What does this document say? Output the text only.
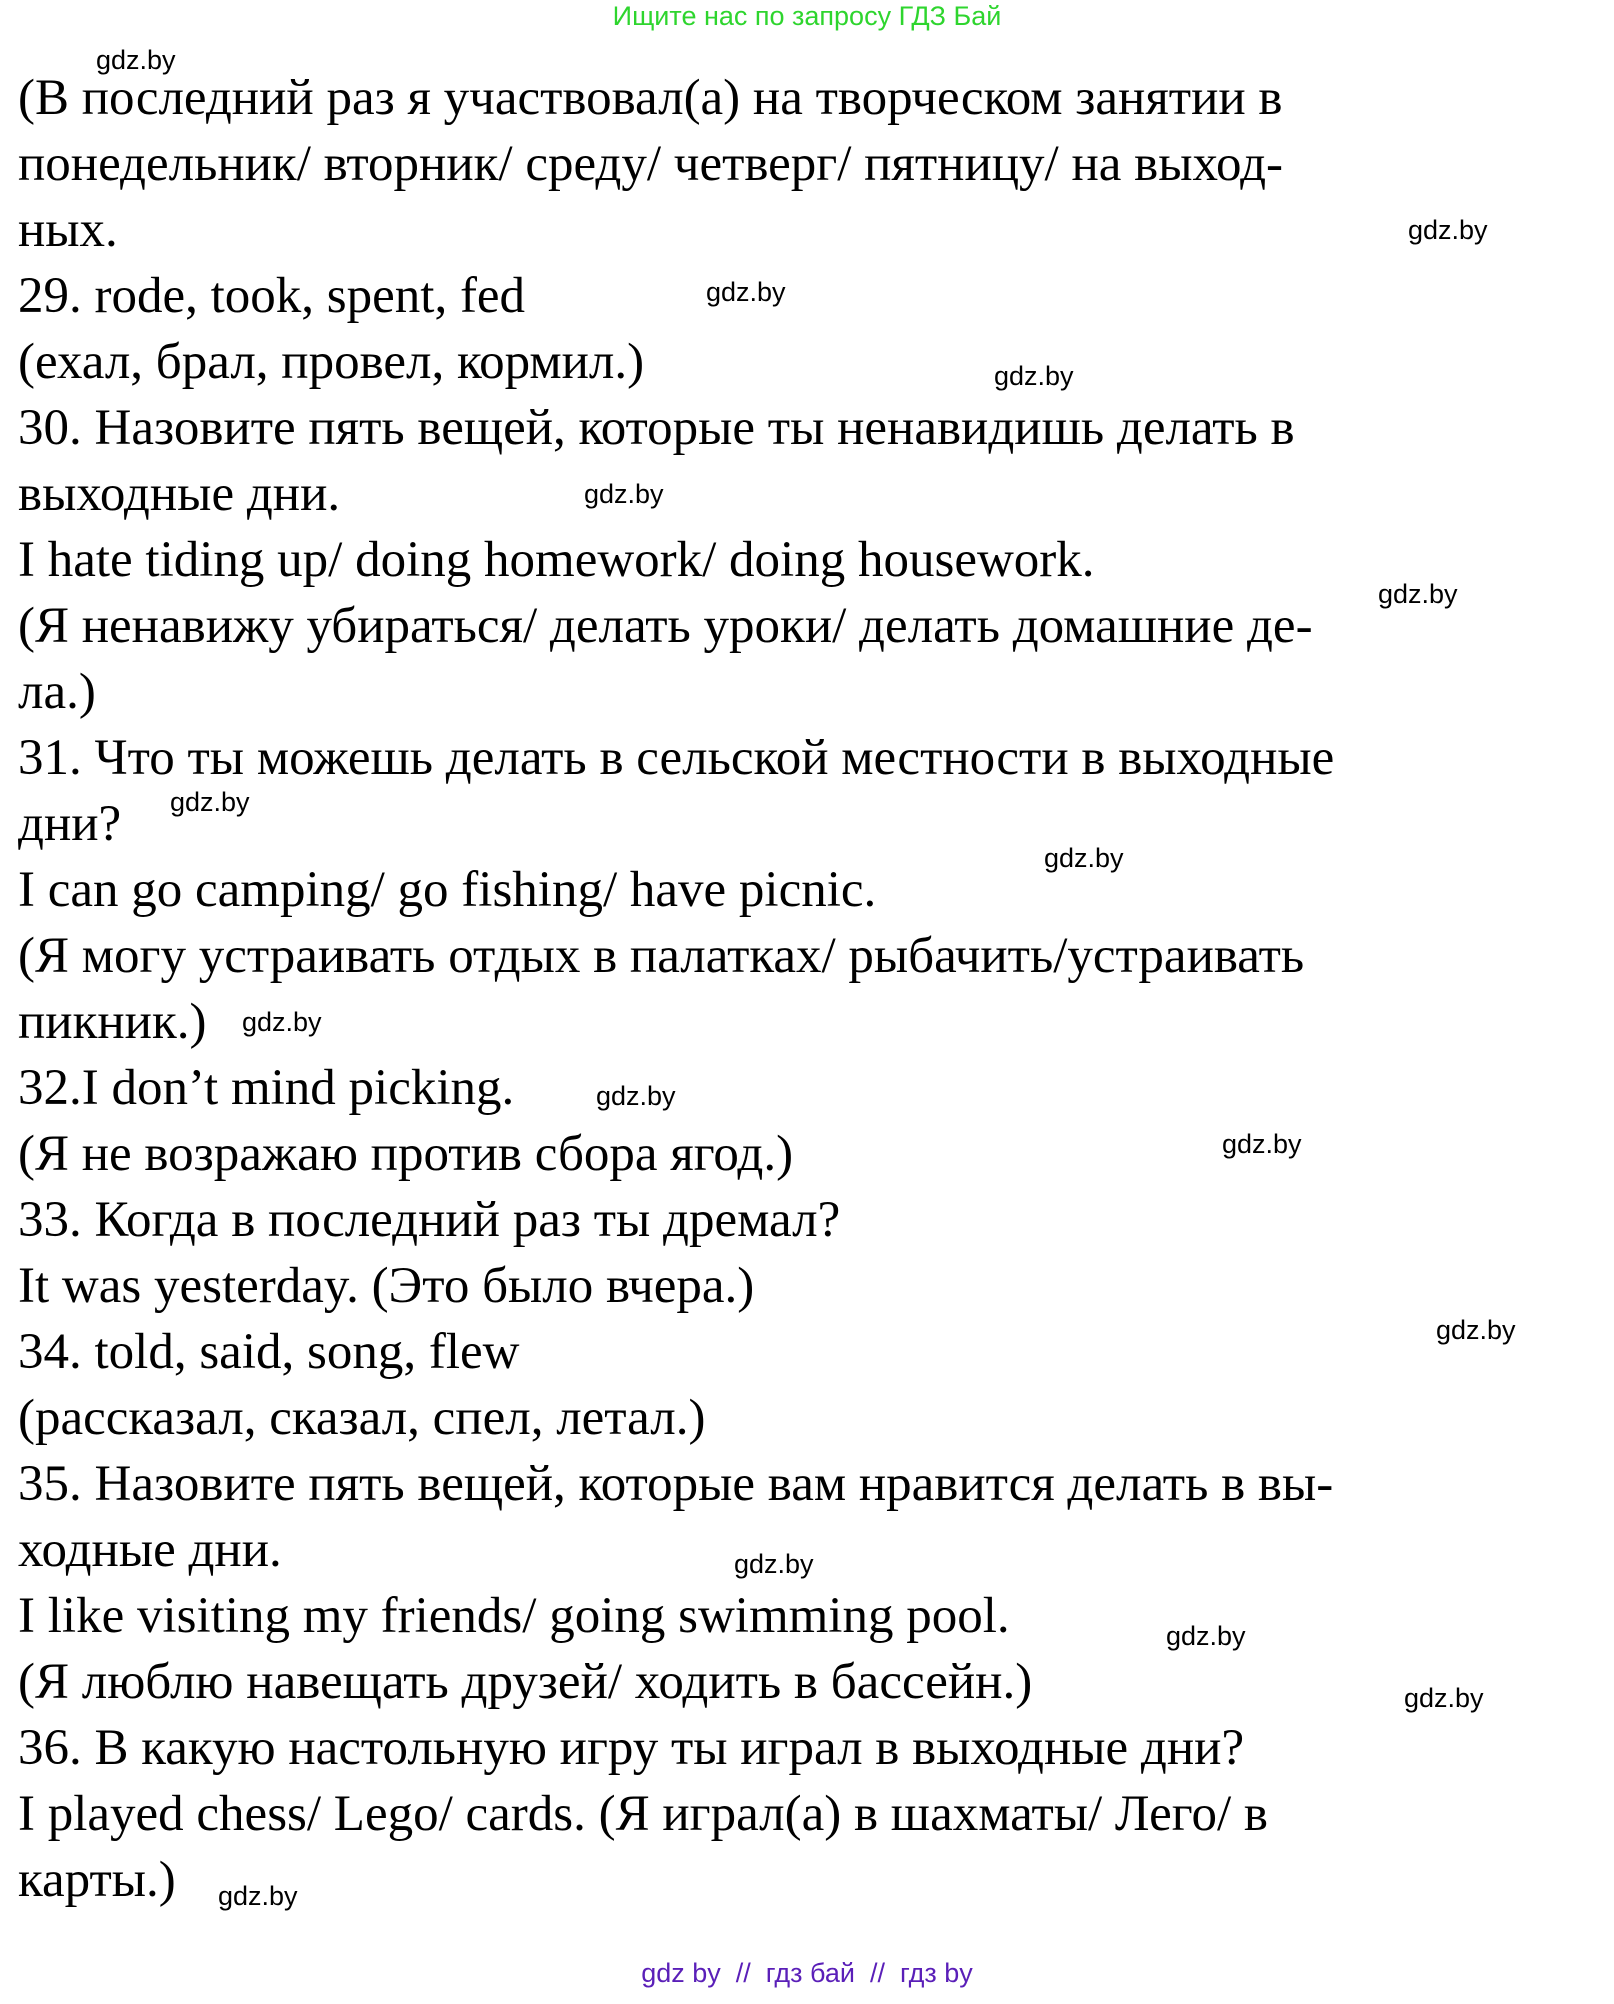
Ищите нас по запросу ГДЗ Бай
(В последний раз я участвовал(а) на творческом занятии в
понедельник/ вторник/ среду/ четверг/ пятницу/ на выход-
ных.
29. rode, took, spent, fed
(ехал, брал, провел, кормил.)
30. Назовите пять вещей, которые ты ненавидишь делать в
выходные дни.
I hate tiding up/ doing homework/ doing housework.
(Я ненавижу убираться/ делать уроки/ делать домашние де-
ла.)
31. Что ты можешь делать в сельской местности в выходные
дни?
I can go camping/ go fishing/ have picnic.
(Я могу устраивать отдых в палатках/ рыбачить/устраивать
пикник.)
32.I don’t mind picking.
(Я не возражаю против сбора ягод.)
33. Когда в последний раз ты дремал?
It was yesterday. (Это было вчера.)
34. told, said, song, flew
(рассказал, сказал, спел, летал.)
35. Назовите пять вещей, которые вам нравится делать в вы-
ходные дни.
I like visiting my friends/ going swimming pool.
(Я люблю навещать друзей/ ходить в бассейн.)
36. В какую настольную игру ты играл в выходные дни?
I played chess/ Lego/ cards. (Я играл(а) в шахматы/ Лего/ в
карты.)
gdz.by
gdz.by
gdz.by
gdz.by
gdz.by
gdz.by
gdz.by
gdz.by
gdz.by
gdz.by
gdz.by
gdz.by
gdz.by
gdz.by
gdz.by
gdz.by
gdz by  //  гдз бай  //  гдз by
